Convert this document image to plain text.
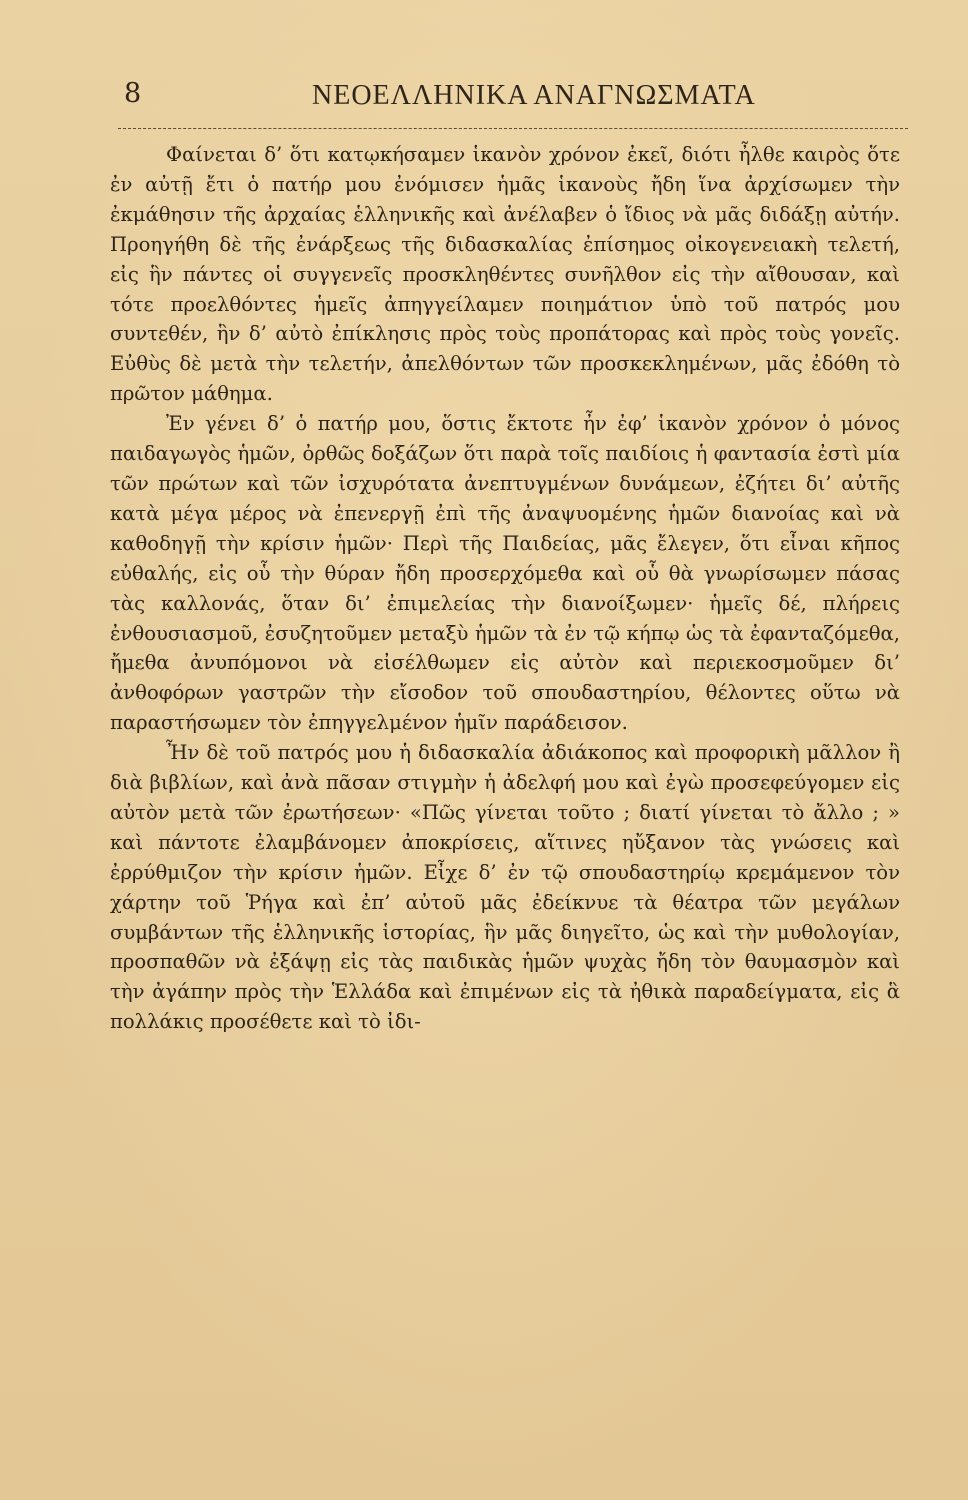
8	ΝΕΟΕΛΛΗΝΙΚΑ ΑΝΑΓΝΩΣΜΑΤΑ

Φαίνεται δ’ ὅτι κατῳκήσαμεν ἱκανὸν χρόνον ἐκεῖ, διότι ἦλθε καιρὸς ὅτε ἐν αὐτῇ ἔτι ὁ πατήρ μου ἐνόμισεν ἡμᾶς ἱκανοὺς ἤδη ἵνα ἀρχίσωμεν τὴν ἐκμάθησιν τῆς ἀρχαίας ἑλληνικῆς καὶ ἀνέλαβεν ὁ ἴδιος νὰ μᾶς διδάξῃ αὐτήν. Προηγήθη δὲ τῆς ἐνάρξεως τῆς διδασκαλίας ἐπίσημος οἰκογενειακὴ τελετή, εἰς ἣν πάντες οἱ συγγενεῖς προσκληθέντες συνῆλθον εἰς τὴν αἴθουσαν, καὶ τότε προελθόντες ἡμεῖς ἀπηγγείλαμεν ποιημάτιον ὑπὸ τοῦ πατρός μου συντεθέν, ἣν δ’ αὐτὸ ἐπίκλησις πρὸς τοὺς προπάτορας καὶ πρὸς τοὺς γονεῖς. Εὐθὺς δὲ μετὰ τὴν τελετήν, ἀπελθόντων τῶν προσκεκλημένων, μᾶς ἐδόθη τὸ πρῶτον μάθημα.

Ἐν γένει δ’ ὁ πατήρ μου, ὅστις ἔκτοτε ἦν ἐφ’ ἱκανὸν χρόνον ὁ μόνος παιδαγωγὸς ἡμῶν, ὀρθῶς δοξάζων ὅτι παρὰ τοῖς παιδίοις ἡ φαντασία ἐστὶ μία τῶν πρώτων καὶ τῶν ἰσχυρότατα ἀνεπτυγμένων δυνάμεων, ἐζήτει δι’ αὐτῆς κατὰ μέγα μέρος νὰ ἐπενεργῇ ἐπὶ τῆς ἀναψυομένης ἡμῶν διανοίας καὶ νὰ καθοδηγῇ τὴν κρίσιν ἡμῶν· Περὶ τῆς Παιδείας, μᾶς ἔλεγεν, ὅτι εἶναι κῆπος εὐθαλής, εἰς οὗ τὴν θύραν ἤδη προσερχόμεθα καὶ οὗ θὰ γνωρίσωμεν πάσας τὰς καλλονάς, ὅταν δι’ ἐπιμελείας τὴν διανοίξωμεν· ἡμεῖς δέ, πλήρεις ἐνθουσιασμοῦ, ἐσυζητοῦμεν μεταξὺ ἡμῶν τὰ ἐν τῷ κήπῳ ὡς τὰ ἐφανταζόμεθα, ἤμεθα ἀνυπόμονοι νὰ εἰσέλθωμεν εἰς αὐτὸν καὶ περιεκοσμοῦμεν δι’ ἀνθοφόρων γαστρῶν τὴν εἴσοδον τοῦ σπουδαστηρίου, θέλοντες οὕτω νὰ παραστήσωμεν τὸν ἐπηγγελμένον ἡμῖν παράδεισον.

Ἦν δὲ τοῦ πατρός μου ἡ διδασκαλία ἀδιάκοπος καὶ προφορικὴ μᾶλλον ἢ διὰ βιβλίων, καὶ ἀνὰ πᾶσαν στιγμὴν ἡ ἀδελφή μου καὶ ἐγὼ προσεφεύγομεν εἰς αὐτὸν μετὰ τῶν ἐρωτήσεων· «Πῶς γίνεται τοῦτο ; διατί γίνεται τὸ ἄλλο ; » καὶ πάντοτε ἐλαμβάνομεν ἀποκρίσεις, αἵτινες ηὔξανον τὰς γνώσεις καὶ ἐρρύθμιζον τὴν κρίσιν ἡμῶν. Εἶχε δ’ ἐν τῷ σπουδαστηρίῳ κρεμάμενον τὸν χάρτην τοῦ Ῥήγα καὶ ἐπ’ αὐτοῦ μᾶς ἐδείκνυε τὰ θέατρα τῶν μεγάλων συμβάντων τῆς ἑλληνικῆς ἱστορίας, ἣν μᾶς διηγεῖτο, ὡς καὶ τὴν μυθολογίαν, προσπαθῶν νὰ ἐξάψῃ εἰς τὰς παιδικὰς ἡμῶν ψυχὰς ἤδη τὸν θαυμασμὸν καὶ τὴν ἀγάπην πρὸς τὴν Ἑλλάδα καὶ ἐπιμένων εἰς τὰ ἠθικὰ παραδείγματα, εἰς ἃ πολλάκις προσέθετε καὶ τὸ ἰδι-
